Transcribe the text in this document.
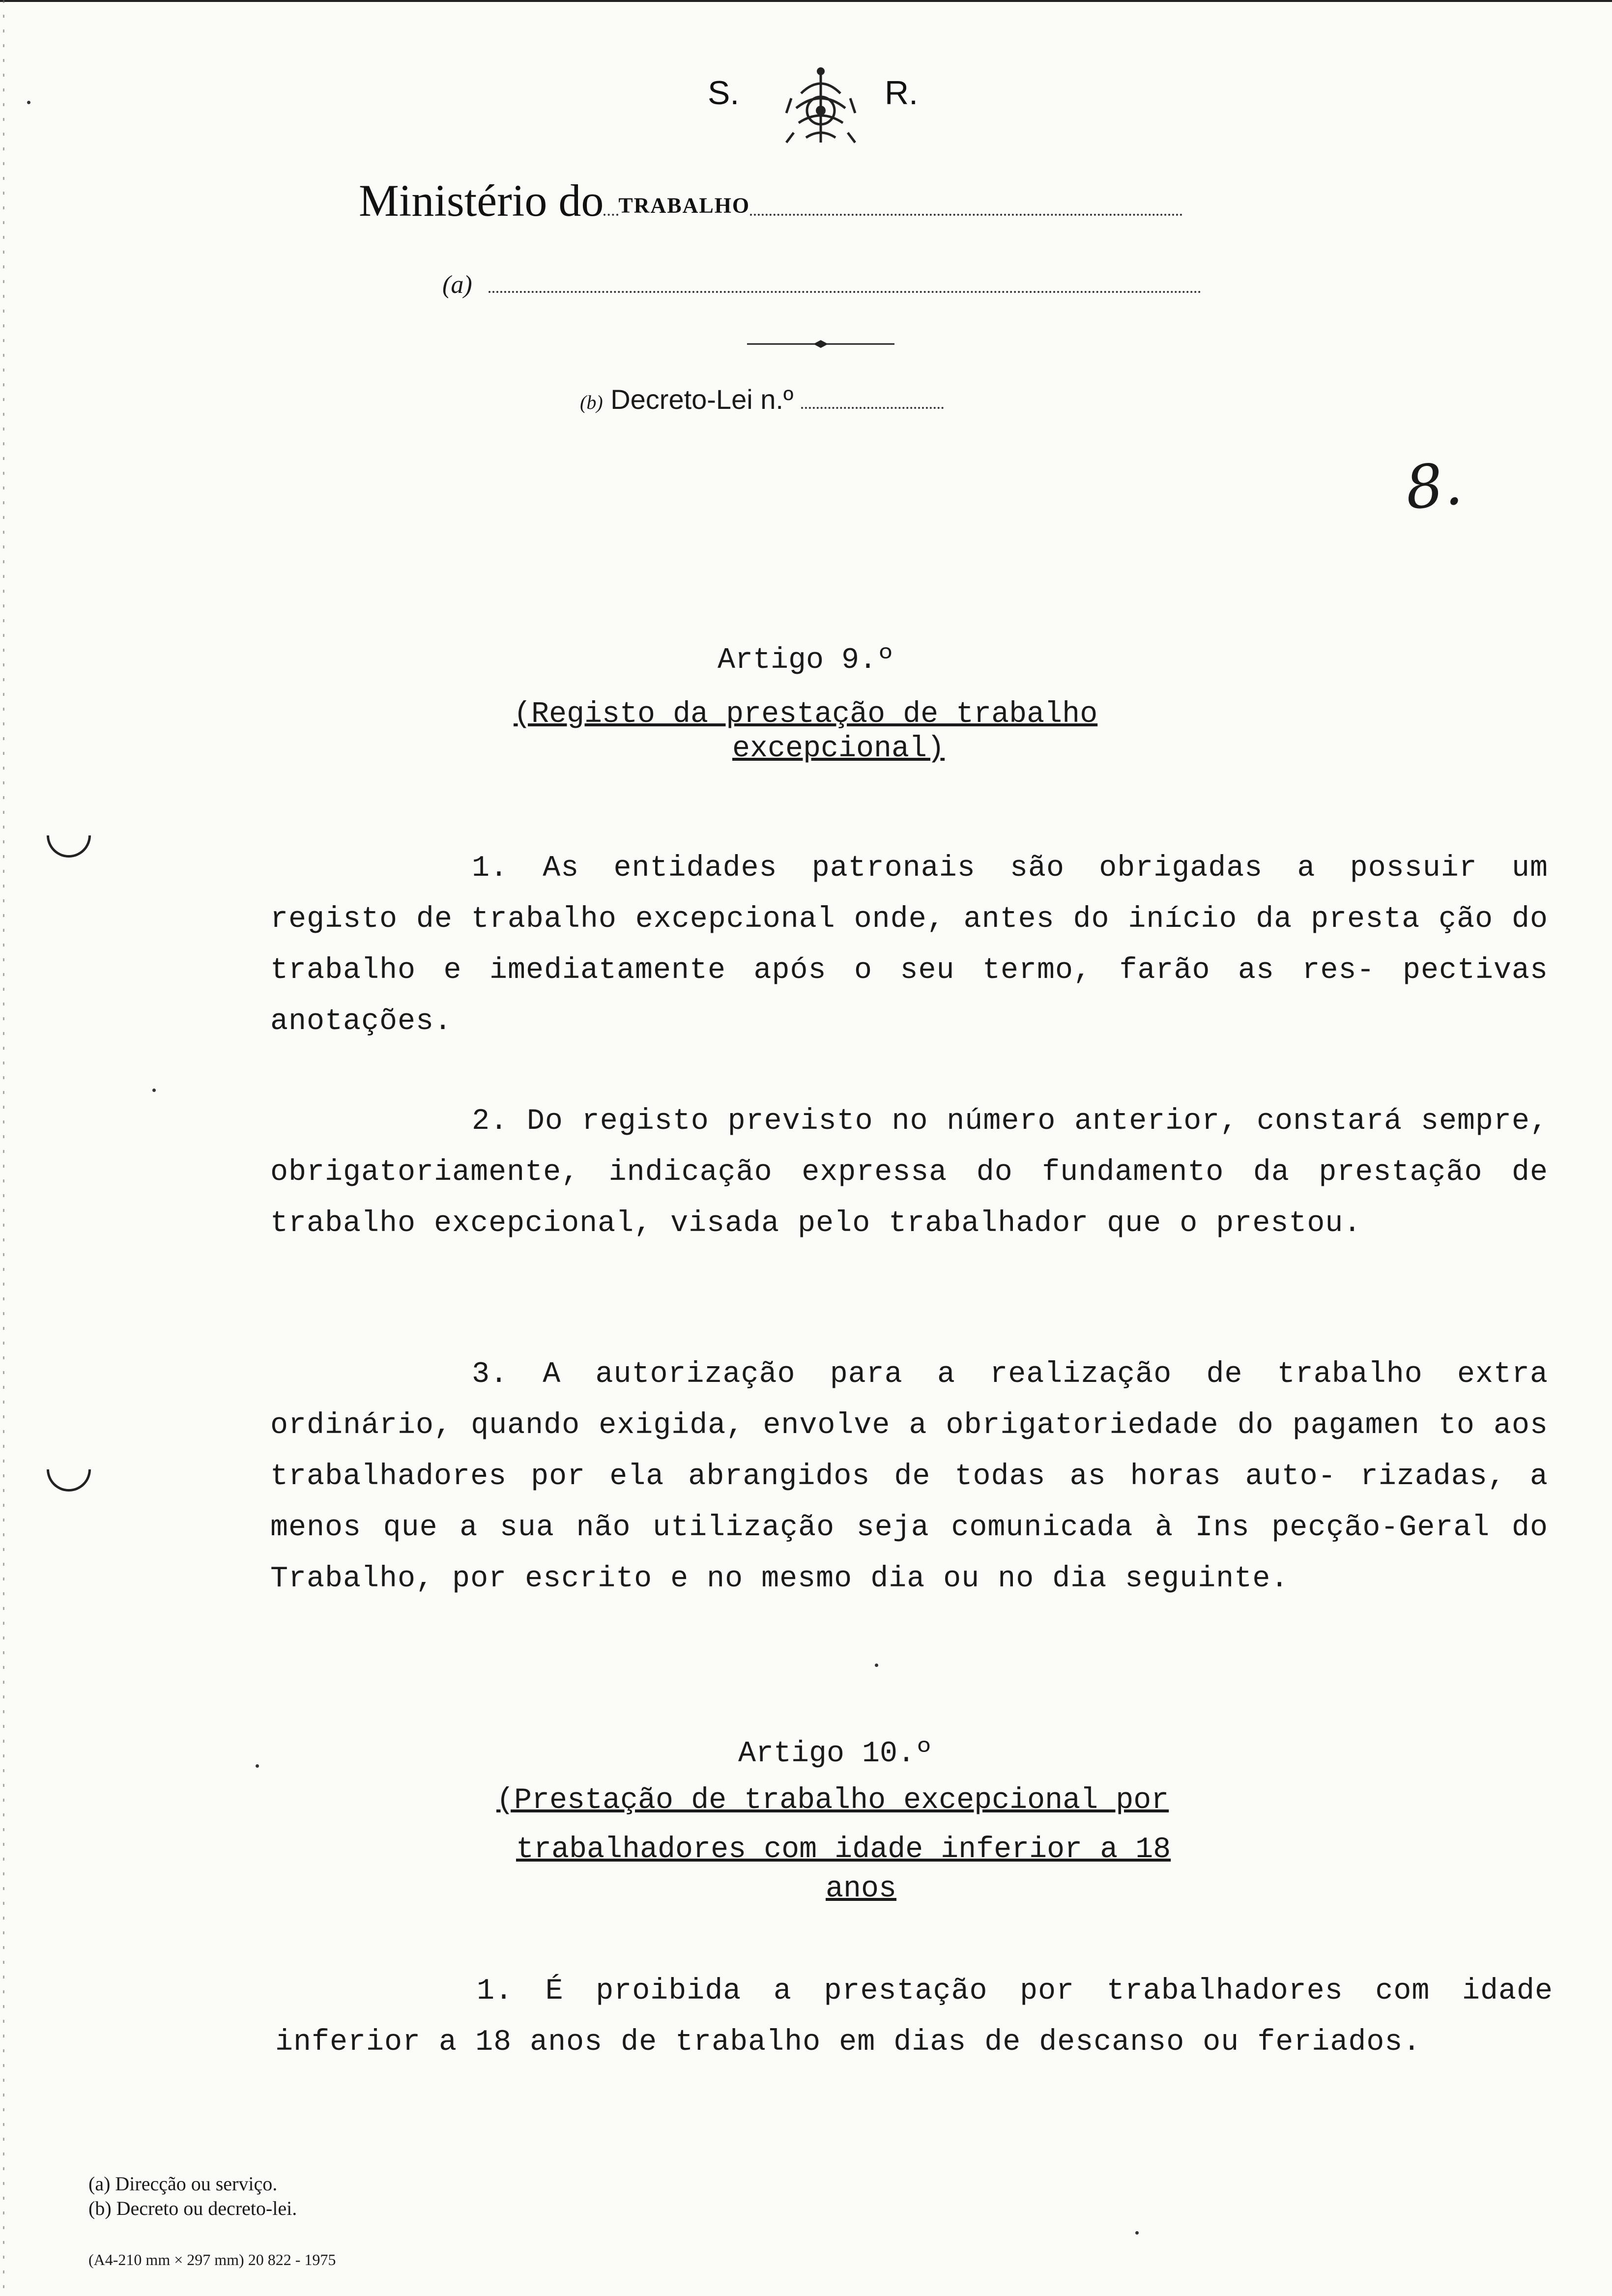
S.	R.
Ministério do TRABALHO
(a)
(b) Decreto-Lei n.º
8.
Artigo 9.º
(Registo da prestação de trabalho
excepcional)
1. As entidades patronais são obrigadas a possuir um registo de trabalho excepcional onde, antes do início da presta ção do trabalho e imediatamente após o seu termo, farão as res- pectivas anotações.
2. Do registo previsto no número anterior, constará sempre, obrigatoriamente, indicação expressa do fundamento da prestação de trabalho excepcional, visada pelo trabalhador que o prestou.
3. A autorização para a realização de trabalho extra ordinário, quando exigida, envolve a obrigatoriedade do pagamen to aos trabalhadores por ela abrangidos de todas as horas auto- rizadas, a menos que a sua não utilização seja comunicada à Ins pecção-Geral do Trabalho, por escrito e no mesmo dia ou no dia seguinte.
Artigo 10.º
(Prestação de trabalho excepcional por
trabalhadores com idade inferior a 18
anos
1. É proibida a prestação por trabalhadores com idade inferior a 18 anos de trabalho em dias de descanso ou feriados.
(a) Direcção ou serviço.
(b) Decreto ou decreto-lei.
(A4-210 mm × 297 mm) 20 822 - 1975
